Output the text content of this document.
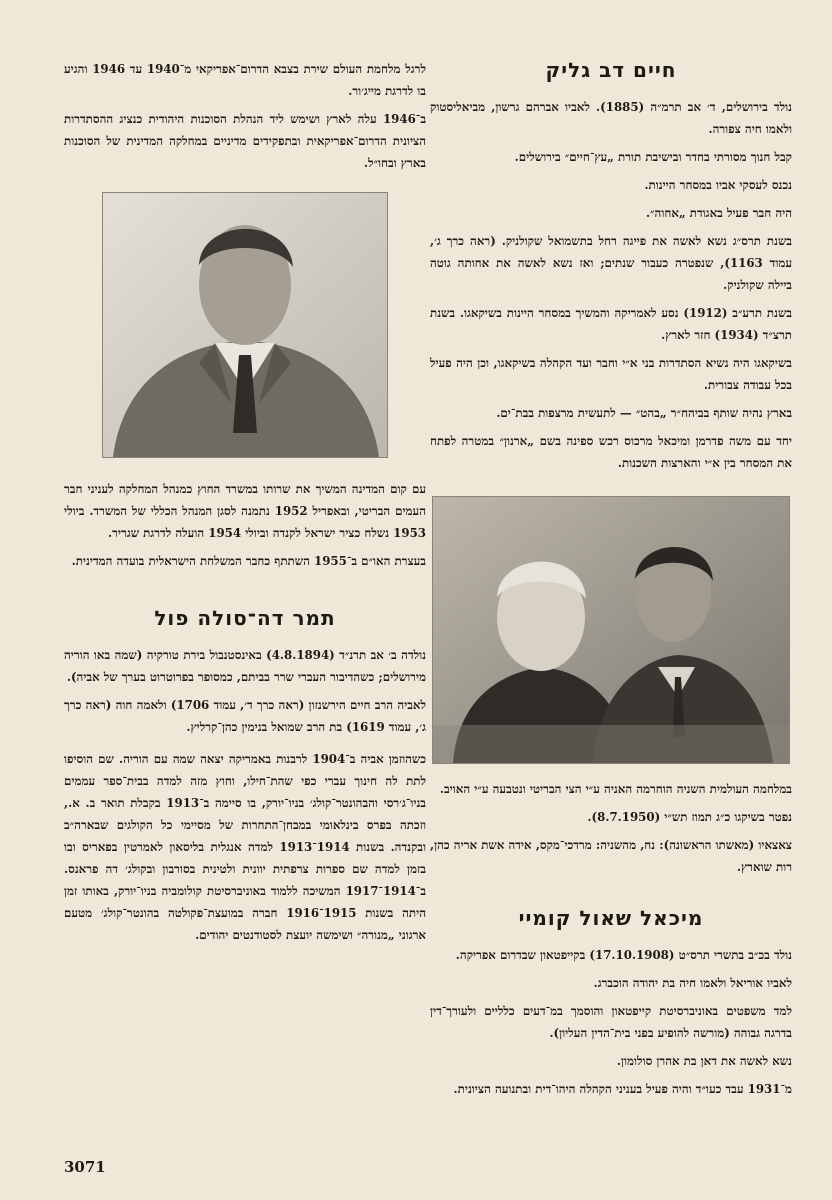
חיים דב גליק

נולד בירושלים, ד׳ אב תרמ״ה (1885). לאביו אברהם גרשון, מביאליסטוק ולאמו חיה צפורה.

קבל חנוך מסורתי בחדר ובישיבת תורת „עץ־חיים״ בירושלים.

נכנס לעסקי אביו במסחר היינות.

היה חבר פעיל באגודת „אחוה״.

בשנת תרס״ג נשא לאשה את פייגה רחל בתשמואל שקולניק. (ראה כרך ג׳, עמוד 1163), שנפטרה כעבור שנתים; ואז נשא לאשה את אחותה גוטה ביילה שקולניק.

בשנת תרע״ב (1912) נסע לאמריקה והמשיך במסחר היינות בשיקאגו. בשנת תרצ״ד (1934) חזר לארץ.

בשיקאגו היה נשיא הסתדרות בני א״י וחבר ועד הקהלה בשיקאגו, וכן היה פעיל בכל עבודה צבורית.

בארץ נהיה שותף בביהח״ר „בהט״ — לתעשית מרצפות בבת־ים.

יחד עם משה פדרמן ומיכאל מרכוס רכש ספינה בשם „ארנון״ במטרה לפתח את המסחר בין א״י והארצות השכנות.

במלחמה העולמית השניה הוחרמה האניה ע״י הצי הבריטי ונטבעה ע״י האויב.

נפטר בשיקגו כ״ג תמוז תש״י (8.7.1950).

צאצאיו (מאשתו הראשונה): נח, מהשניה: מרדכי־מקס, אידה אשת אריה כהן, רות שוארץ.

מיכאל שאול קומיי

נולד בכ״ב בתשרי תרס״ט (17.10.1908) בקייפטאון שבדרום אפריקה.

לאביו אוריאל ולאמו חיה בת יהודה הוכברג.

למד משפטים באוניברסיטת קייפטאון והוסמך במ־דעים כלליים ולעורך־דין בדרגה גבוהה (מורשה להופיע בפני בית־הדין העליון).

נשא לאשה את דאן בת אהרן סולומון.

מ־1931 עבד כעו״ד והיה פעיל בעניני הקהלה היהו־דית ובתנועה הציונית.

לרגל מלחמת העולם שירת בצבא הדרום־אפריקאי מ־1940 עד 1946 והגיע בו לדרגת מייג׳ור.

ב־1946 עלה לארץ ושימש ליד הנהלת הסוכנות היהודית כנציג ההסתדרות הציונית הדרום־אפריקאית ובתפקידים מדיניים במחלקה המדינית של הסוכנות בארץ ובחו״ל.

עם קום המדינה המשיך את שרותו במשרד החוץ כמנהל המחלקה לעניני חבר העמים הבריטי, ובאפריל 1952 נתמנה לסגן המנהל הכללי של המשרד. ביולי 1953 נשלח כציר ישראל לקנדה וביולי 1954 הועלה לדרגת שגריר.

בעצרת האו״ם ב־1955 השתתף כחבר המשלחת הישראלית בועדה המדינית.

תמר דה־סולה פול

נולדה ב׳ אב תרנ״ד (4.8.1894) באינסטנבול בירת טורקיה (שמה באו הוריה מירושלים; כשהדיבור העברי שרר בביתם, כמסופר בפרוטרוט בערך של אביה).

לאביה הרב חיים הירשנזון (ראה כרך ד׳, עמוד 1706) ולאמה חוה (ראה כרך ג׳, עמוד 1619) בת הרב שמואל בנימין כהן־קרליץ.

כשהוזמן אביה ב־1904 לרבנות באמריקה יצאה שמה עם הוריה. שם הוסיפו לתת לה חינוך עברי כפי שהת־חילו, וחוץ מזה למדה בבית־ספר עממים בניו־ג׳רסי והבהונטר־קולג׳ בניו־יורק, בו סיימה ב־1913 בקבלת תואר ב. א., וזכתה בפרס בינלאומי במבחן־התחרות של מסיימי כל הקולגים שבארה״ב ובקנדה. בשנות 1914־1913 למדה אנגלית בליסאון לאמרטין בפאריס ובו בזמן למדה שם ספרות צרפתית יוונית ולטינית בסורבון ובקולג׳ דה פראנס. ב־1914־1917 המשיכה ללמוד באוניברסיטת קולומביה בניו־יורק, באותו זמן היתה בשנות 1915־1916 חברה במועצת־פקולטה בהונטר־קולג׳ מטעם ארגוני „מנורה״ ושימשה יועצת לסטודנטים יהודים.

3071
